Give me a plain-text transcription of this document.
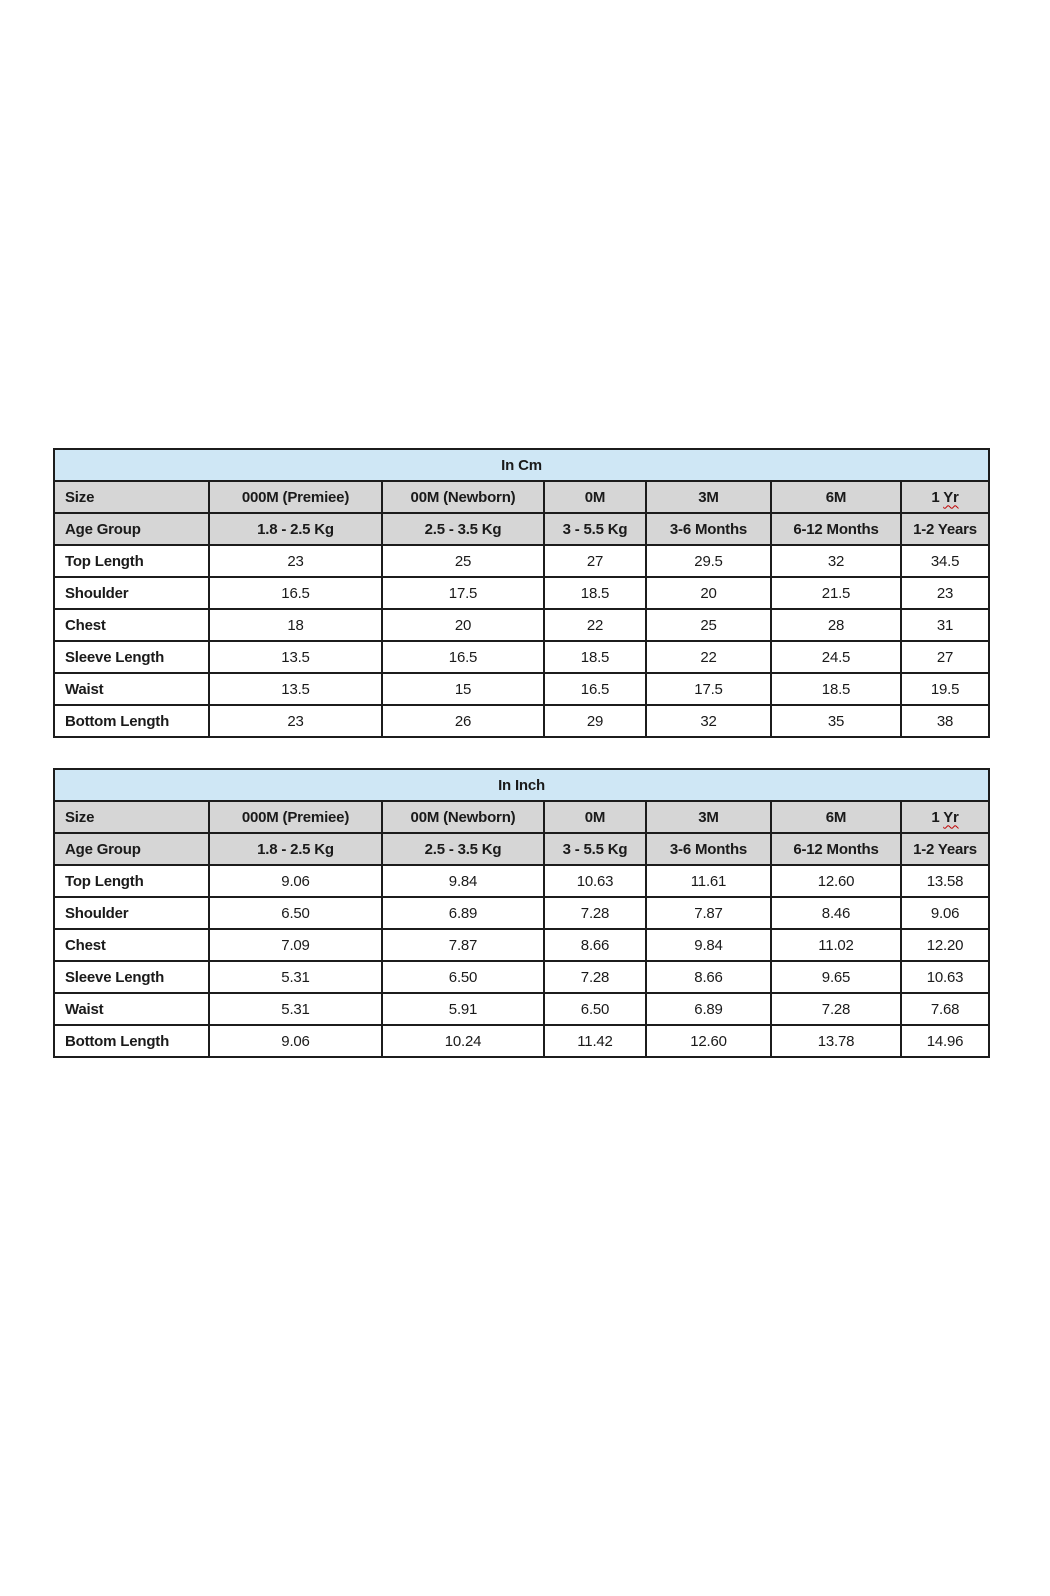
In Cm						
Size	000M (Premiee)	00M (Newborn)	0M	3M	6M	1 Yr
Age Group	1.8 - 2.5 Kg	2.5 - 3.5 Kg	3 - 5.5 Kg	3-6 Months	6-12 Months	1-2 Years
Top Length	23	25	27	29.5	32	34.5
Shoulder	16.5	17.5	18.5	20	21.5	23
Chest	18	20	22	25	28	31
Sleeve Length	13.5	16.5	18.5	22	24.5	27
Waist	13.5	15	16.5	17.5	18.5	19.5
Bottom Length	23	26	29	32	35	38
In Inch						
Size	000M (Premiee)	00M (Newborn)	0M	3M	6M	1 Yr
Age Group	1.8 - 2.5 Kg	2.5 - 3.5 Kg	3 - 5.5 Kg	3-6 Months	6-12 Months	1-2 Years
Top Length	9.06	9.84	10.63	11.61	12.60	13.58
Shoulder	6.50	6.89	7.28	7.87	8.46	9.06
Chest	7.09	7.87	8.66	9.84	11.02	12.20
Sleeve Length	5.31	6.50	7.28	8.66	9.65	10.63
Waist	5.31	5.91	6.50	6.89	7.28	7.68
Bottom Length	9.06	10.24	11.42	12.60	13.78	14.96
